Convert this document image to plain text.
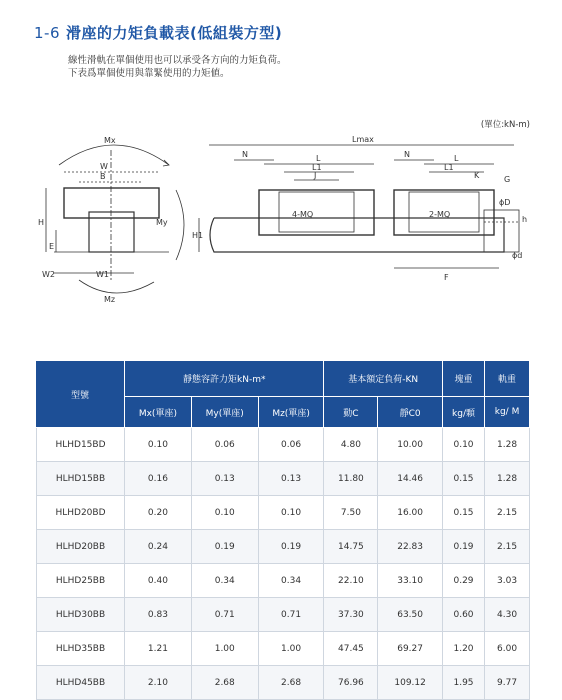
1-6 滑座的力矩負載表(低組裝方型)
線性滑軌在單個使用也可以承受各方向的力矩負荷。
下表爲單個使用與靠緊使用的力矩値。
(單位:kN-m)
Mx
W
B
H
E
W2	W1
My
Mz
Lmax
N	L
L1
J
N	L
L1
4-MQ	2-MQ
G
ϕD
h
ϕd
H1
K
F
型號	靜態容許力矩kN-m*			基本額定負荷-KN		塊重	軌重
	Mx(單座)	My(單座)	Mz(單座)	動C	靜C0	kg/顆	kg/ M
HLHD15BD	0.10	0.06	0.06	4.80	10.00	0.10	1.28
HLHD15BB	0.16	0.13	0.13	11.80	14.46	0.15	1.28
HLHD20BD	0.20	0.10	0.10	7.50	16.00	0.15	2.15
HLHD20BB	0.24	0.19	0.19	14.75	22.83	0.19	2.15
HLHD25BB	0.40	0.34	0.34	22.10	33.10	0.29	3.03
HLHD30BB	0.83	0.71	0.71	37.30	63.50	0.60	4.30
HLHD35BB	1.21	1.00	1.00	47.45	69.27	1.20	6.00
HLHD45BB	2.10	2.68	2.68	76.96	109.12	1.95	9.77
